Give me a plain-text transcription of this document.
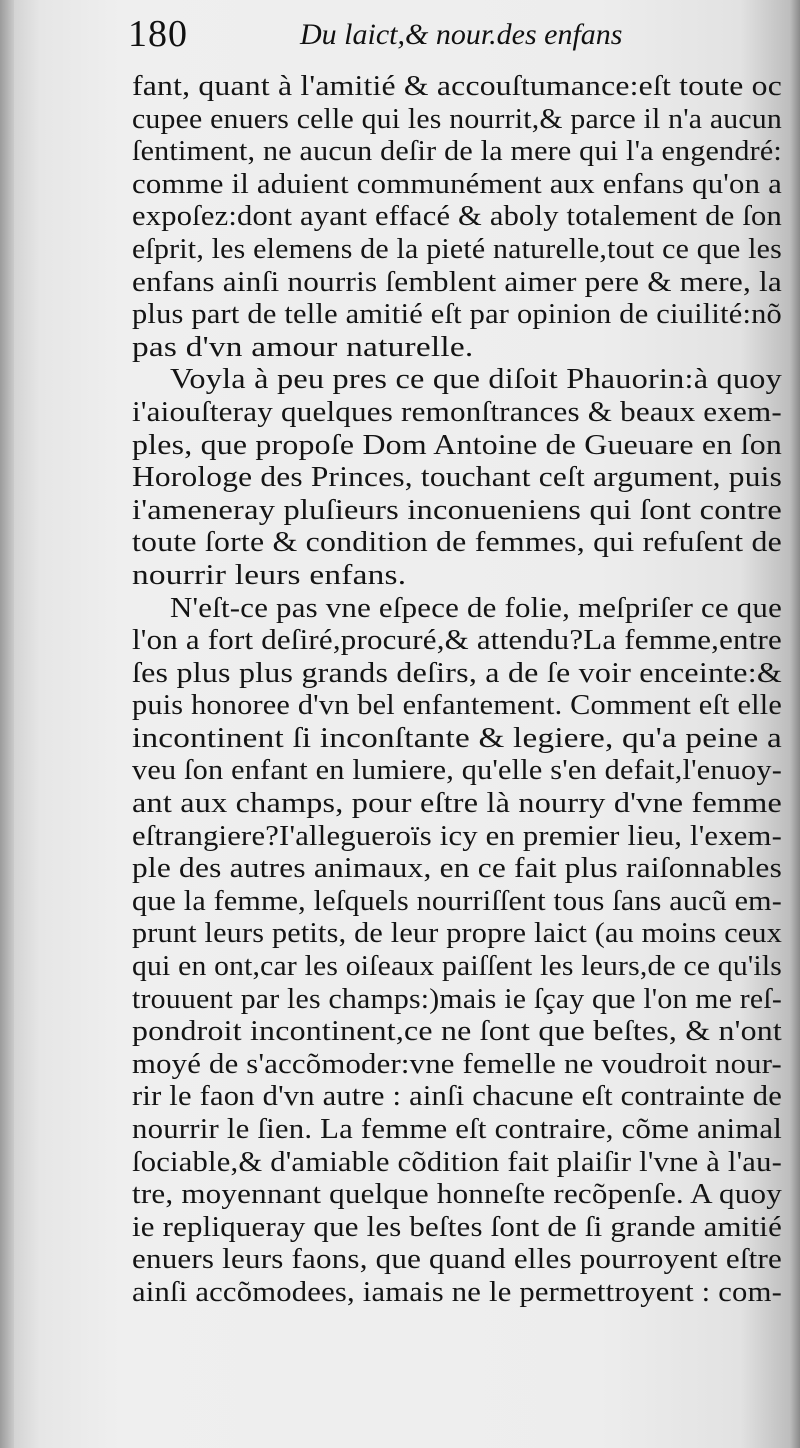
180	Du laict,& nour.des enfans
fant, quant à l'amitié & accouſtumance:eſt toute oc
cupee enuers celle qui les nourrit,& parce il n'a aucun
ſentiment, ne aucun deſir de la mere qui l'a engendré:
comme il aduient communément aux enfans qu'on a
expoſez:dont ayant effacé & aboly totalement de ſon
eſprit, les elemens de la pieté naturelle,tout ce que les
enfans ainſi nourris ſemblent aimer pere & mere, la
plus part de telle amitié eſt par opinion de ciuilité:nõ
pas d'vn amour naturelle.
Voyla à peu pres ce que diſoit Phauorin:à quoy
i'aiouſteray quelques remonſtrances & beaux exem-
ples, que propoſe Dom Antoine de Gueuare en ſon
Horologe des Princes, touchant ceſt argument, puis
i'ameneray pluſieurs inconueniens qui ſont contre
toute ſorte & condition de femmes, qui refuſent de
nourrir leurs enfans.
N'eſt-ce pas vne eſpece de folie, meſpriſer ce que
l'on a fort deſiré,procuré,& attendu?La femme,entre
ſes plus plus grands deſirs, a de ſe voir enceinte:&
puis honoree d'vn bel enfantement. Comment eſt elle
incontinent ſi inconſtante & legiere, qu'a peine a
veu ſon enfant en lumiere, qu'elle s'en defait,l'enuoy-
ant aux champs, pour eſtre là nourry d'vne femme
eſtrangiere?I'allegueroïs icy en premier lieu, l'exem-
ple des autres animaux, en ce fait plus raiſonnables
que la femme, leſquels nourriſſent tous ſans aucũ em-
prunt leurs petits, de leur propre laict (au moins ceux
qui en ont,car les oiſeaux paiſſent les leurs,de ce qu'ils
trouuent par les champs:)mais ie ſçay que l'on me reſ-
pondroit incontinent,ce ne ſont que beſtes, & n'ont
moyé de s'accõmoder:vne femelle ne voudroit nour-
rir le faon d'vn autre : ainſi chacune eſt contrainte de
nourrir le ſien. La femme eſt contraire, cõme animal
ſociable,& d'amiable cõdition fait plaiſir l'vne à l'au-
tre, moyennant quelque honneſte recõpenſe. A quoy
ie repliqueray que les beſtes ſont de ſi grande amitié
enuers leurs faons, que quand elles pourroyent eſtre
ainſi accõmodees, iamais ne le permettroyent : com-
